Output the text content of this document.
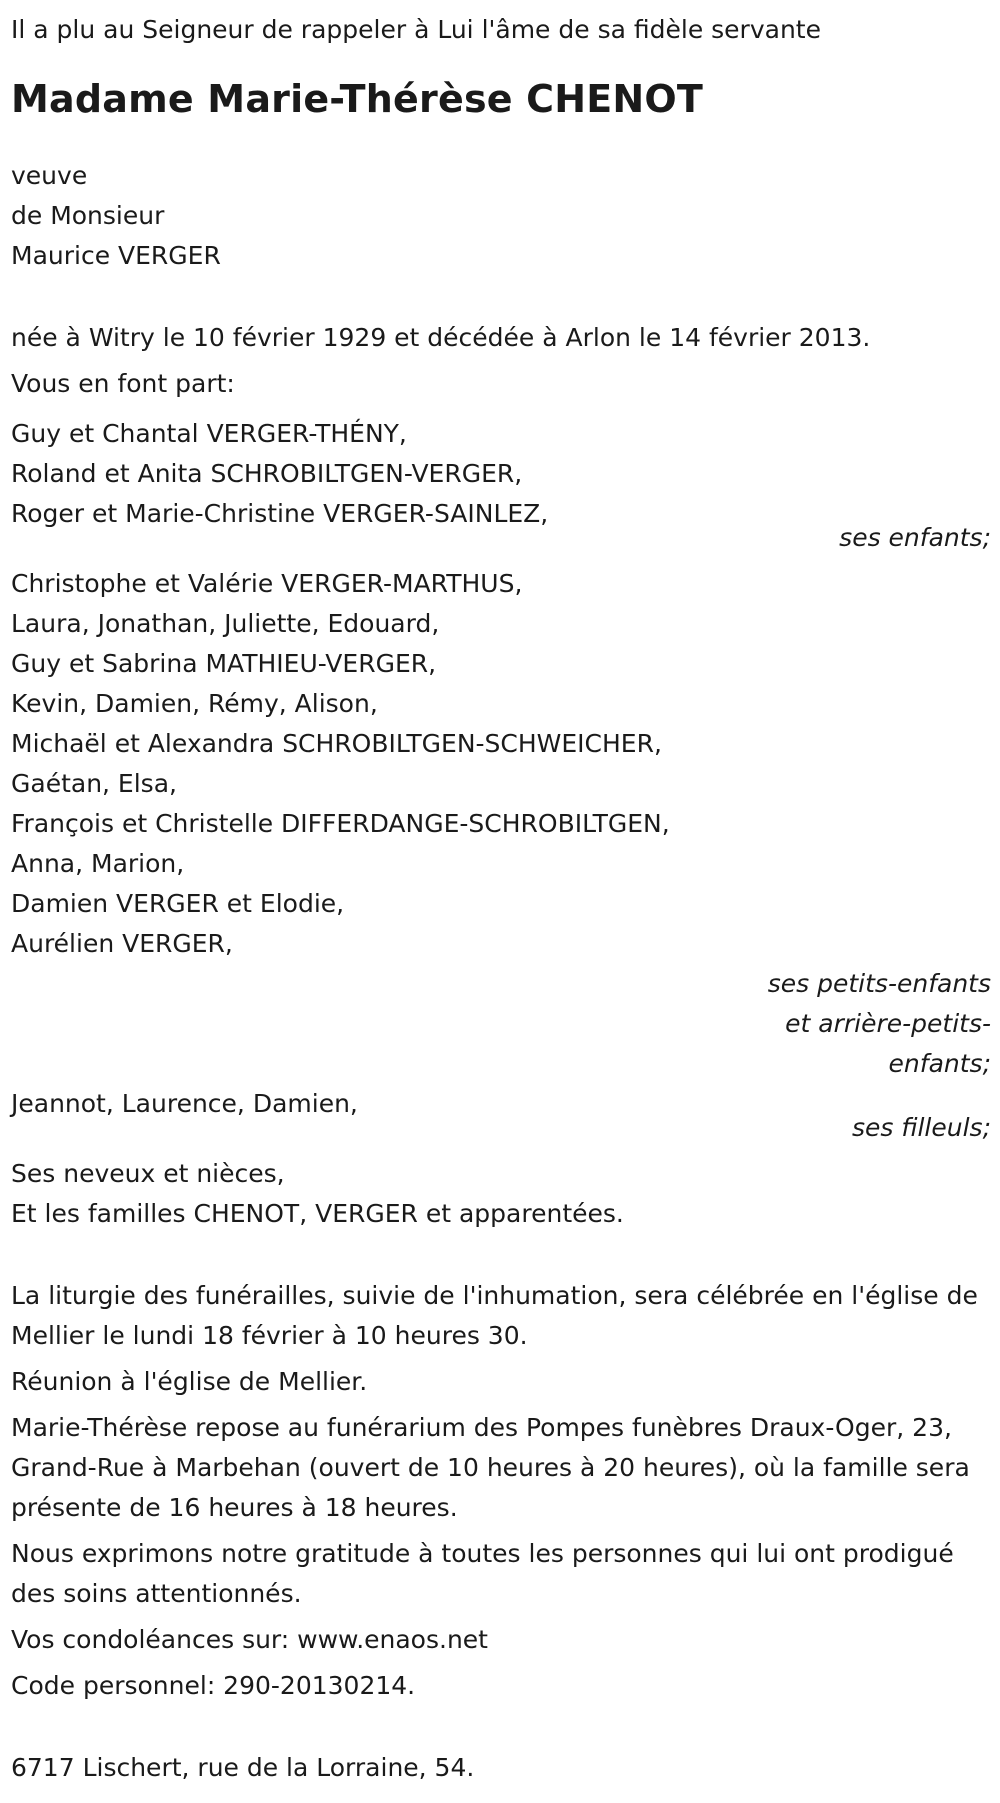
Il a plu au Seigneur de rappeler à Lui l'âme de sa fidèle servante
Madame Marie-Thérèse CHENOT
veuve
de Monsieur
Maurice VERGER
née à Witry le 10 février 1929 et décédée à Arlon le 14 février 2013.
Vous en font part:
Guy et Chantal VERGER-THÉNY,
Roland et Anita SCHROBILTGEN-VERGER,
Roger et Marie-Christine VERGER-SAINLEZ,
ses enfants;
Christophe et Valérie VERGER-MARTHUS,
Laura, Jonathan, Juliette, Edouard,
Guy et Sabrina MATHIEU-VERGER,
Kevin, Damien, Rémy, Alison,
Michaël et Alexandra SCHROBILTGEN-SCHWEICHER,
Gaétan, Elsa,
François et Christelle DIFFERDANGE-SCHROBILTGEN,
Anna, Marion,
Damien VERGER et Elodie,
Aurélien VERGER,
ses petits-enfants
et arrière-petits-
enfants;
Jeannot, Laurence, Damien,
ses filleuls;
Ses neveux et nièces,
Et les familles CHENOT, VERGER et apparentées.
La liturgie des funérailles, suivie de l'inhumation, sera célébrée en l'église de Mellier le lundi 18 février à 10 heures 30.
Réunion à l'église de Mellier.
Marie-Thérèse repose au funérarium des Pompes funèbres Draux-Oger, 23, Grand-Rue à Marbehan (ouvert de 10 heures à 20 heures), où la famille sera présente de 16 heures à 18 heures.
Nous exprimons notre gratitude à toutes les personnes qui lui ont prodigué des soins attentionnés.
Vos condoléances sur: www.enaos.net
Code personnel: 290-20130214.
6717 Lischert, rue de la Lorraine, 54.
